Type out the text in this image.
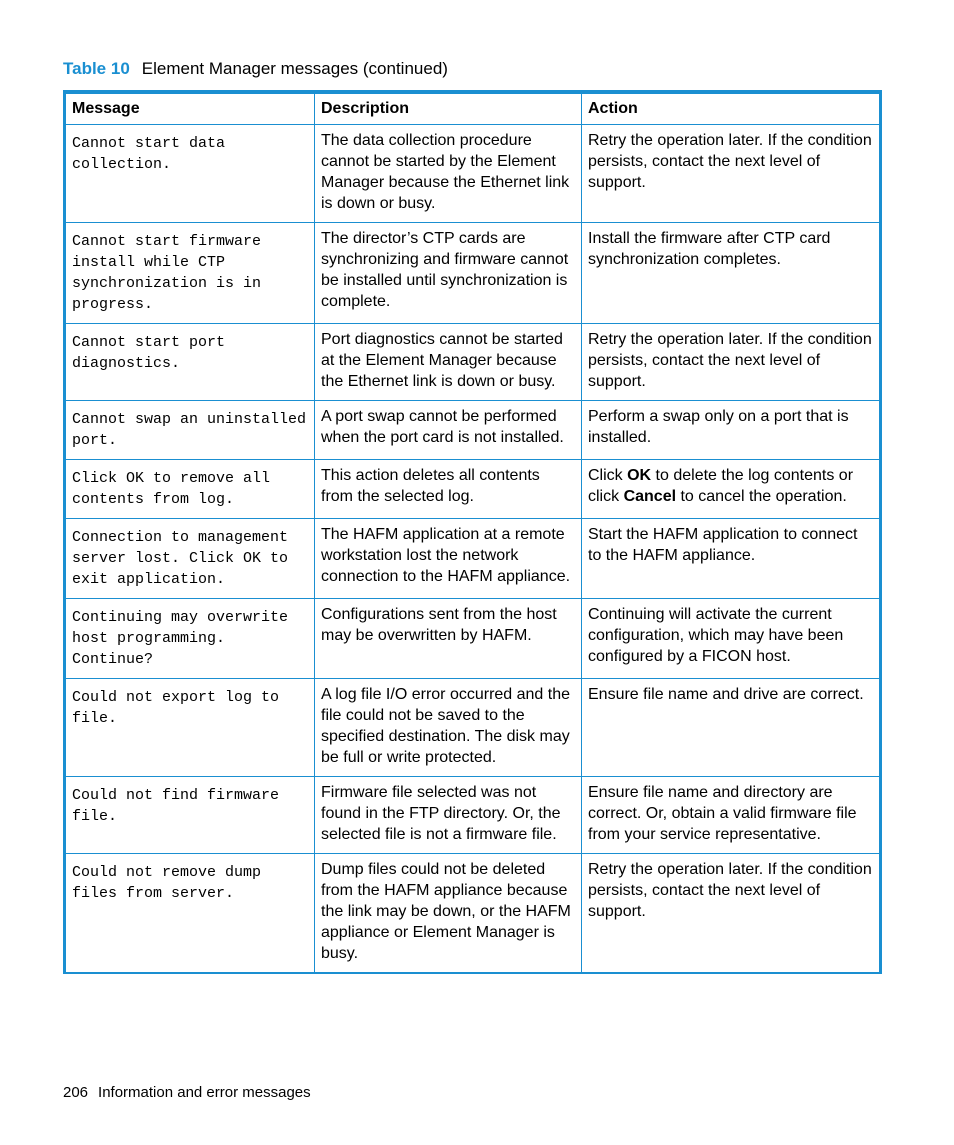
Table 10 Element Manager messages (continued)
Message	Description	Action
Cannot start data collection.	The data collection procedure cannot be started by the Element Manager because the Ethernet link is down or busy.	Retry the operation later. If the condition persists, contact the next level of support.
Cannot start firmware install while CTP synchronization is in progress.	The director’s CTP cards are synchronizing and firmware cannot be installed until synchronization is complete.	Install the firmware after CTP card synchronization completes.
Cannot start port diagnostics.	Port diagnostics cannot be started at the Element Manager because the Ethernet link is down or busy.	Retry the operation later. If the condition persists, contact the next level of support.
Cannot swap an uninstalled port.	A port swap cannot be performed when the port card is not installed.	Perform a swap only on a port that is installed.
Click OK to remove all contents from log.	This action deletes all contents from the selected log.	Click OK to delete the log contents or click Cancel to cancel the operation.
Connection to management server lost. Click OK to exit application.	The HAFM application at a remote workstation lost the network connection to the HAFM appliance.	Start the HAFM application to connect to the HAFM appliance.
Continuing may overwrite host programming. Continue?	Configurations sent from the host may be overwritten by HAFM.	Continuing will activate the current configuration, which may have been configured by a FICON host.
Could not export log to file.	A log file I/O error occurred and the file could not be saved to the specified destination. The disk may be full or write protected.	Ensure file name and drive are correct.
Could not find firmware file.	Firmware file selected was not found in the FTP directory. Or, the selected file is not a firmware file.	Ensure file name and directory are correct. Or, obtain a valid firmware file from your service representative.
Could not remove dump files from server.	Dump files could not be deleted from the HAFM appliance because the link may be down, or the HAFM appliance or Element Manager is busy.	Retry the operation later. If the condition persists, contact the next level of support.
206 Information and error messages
